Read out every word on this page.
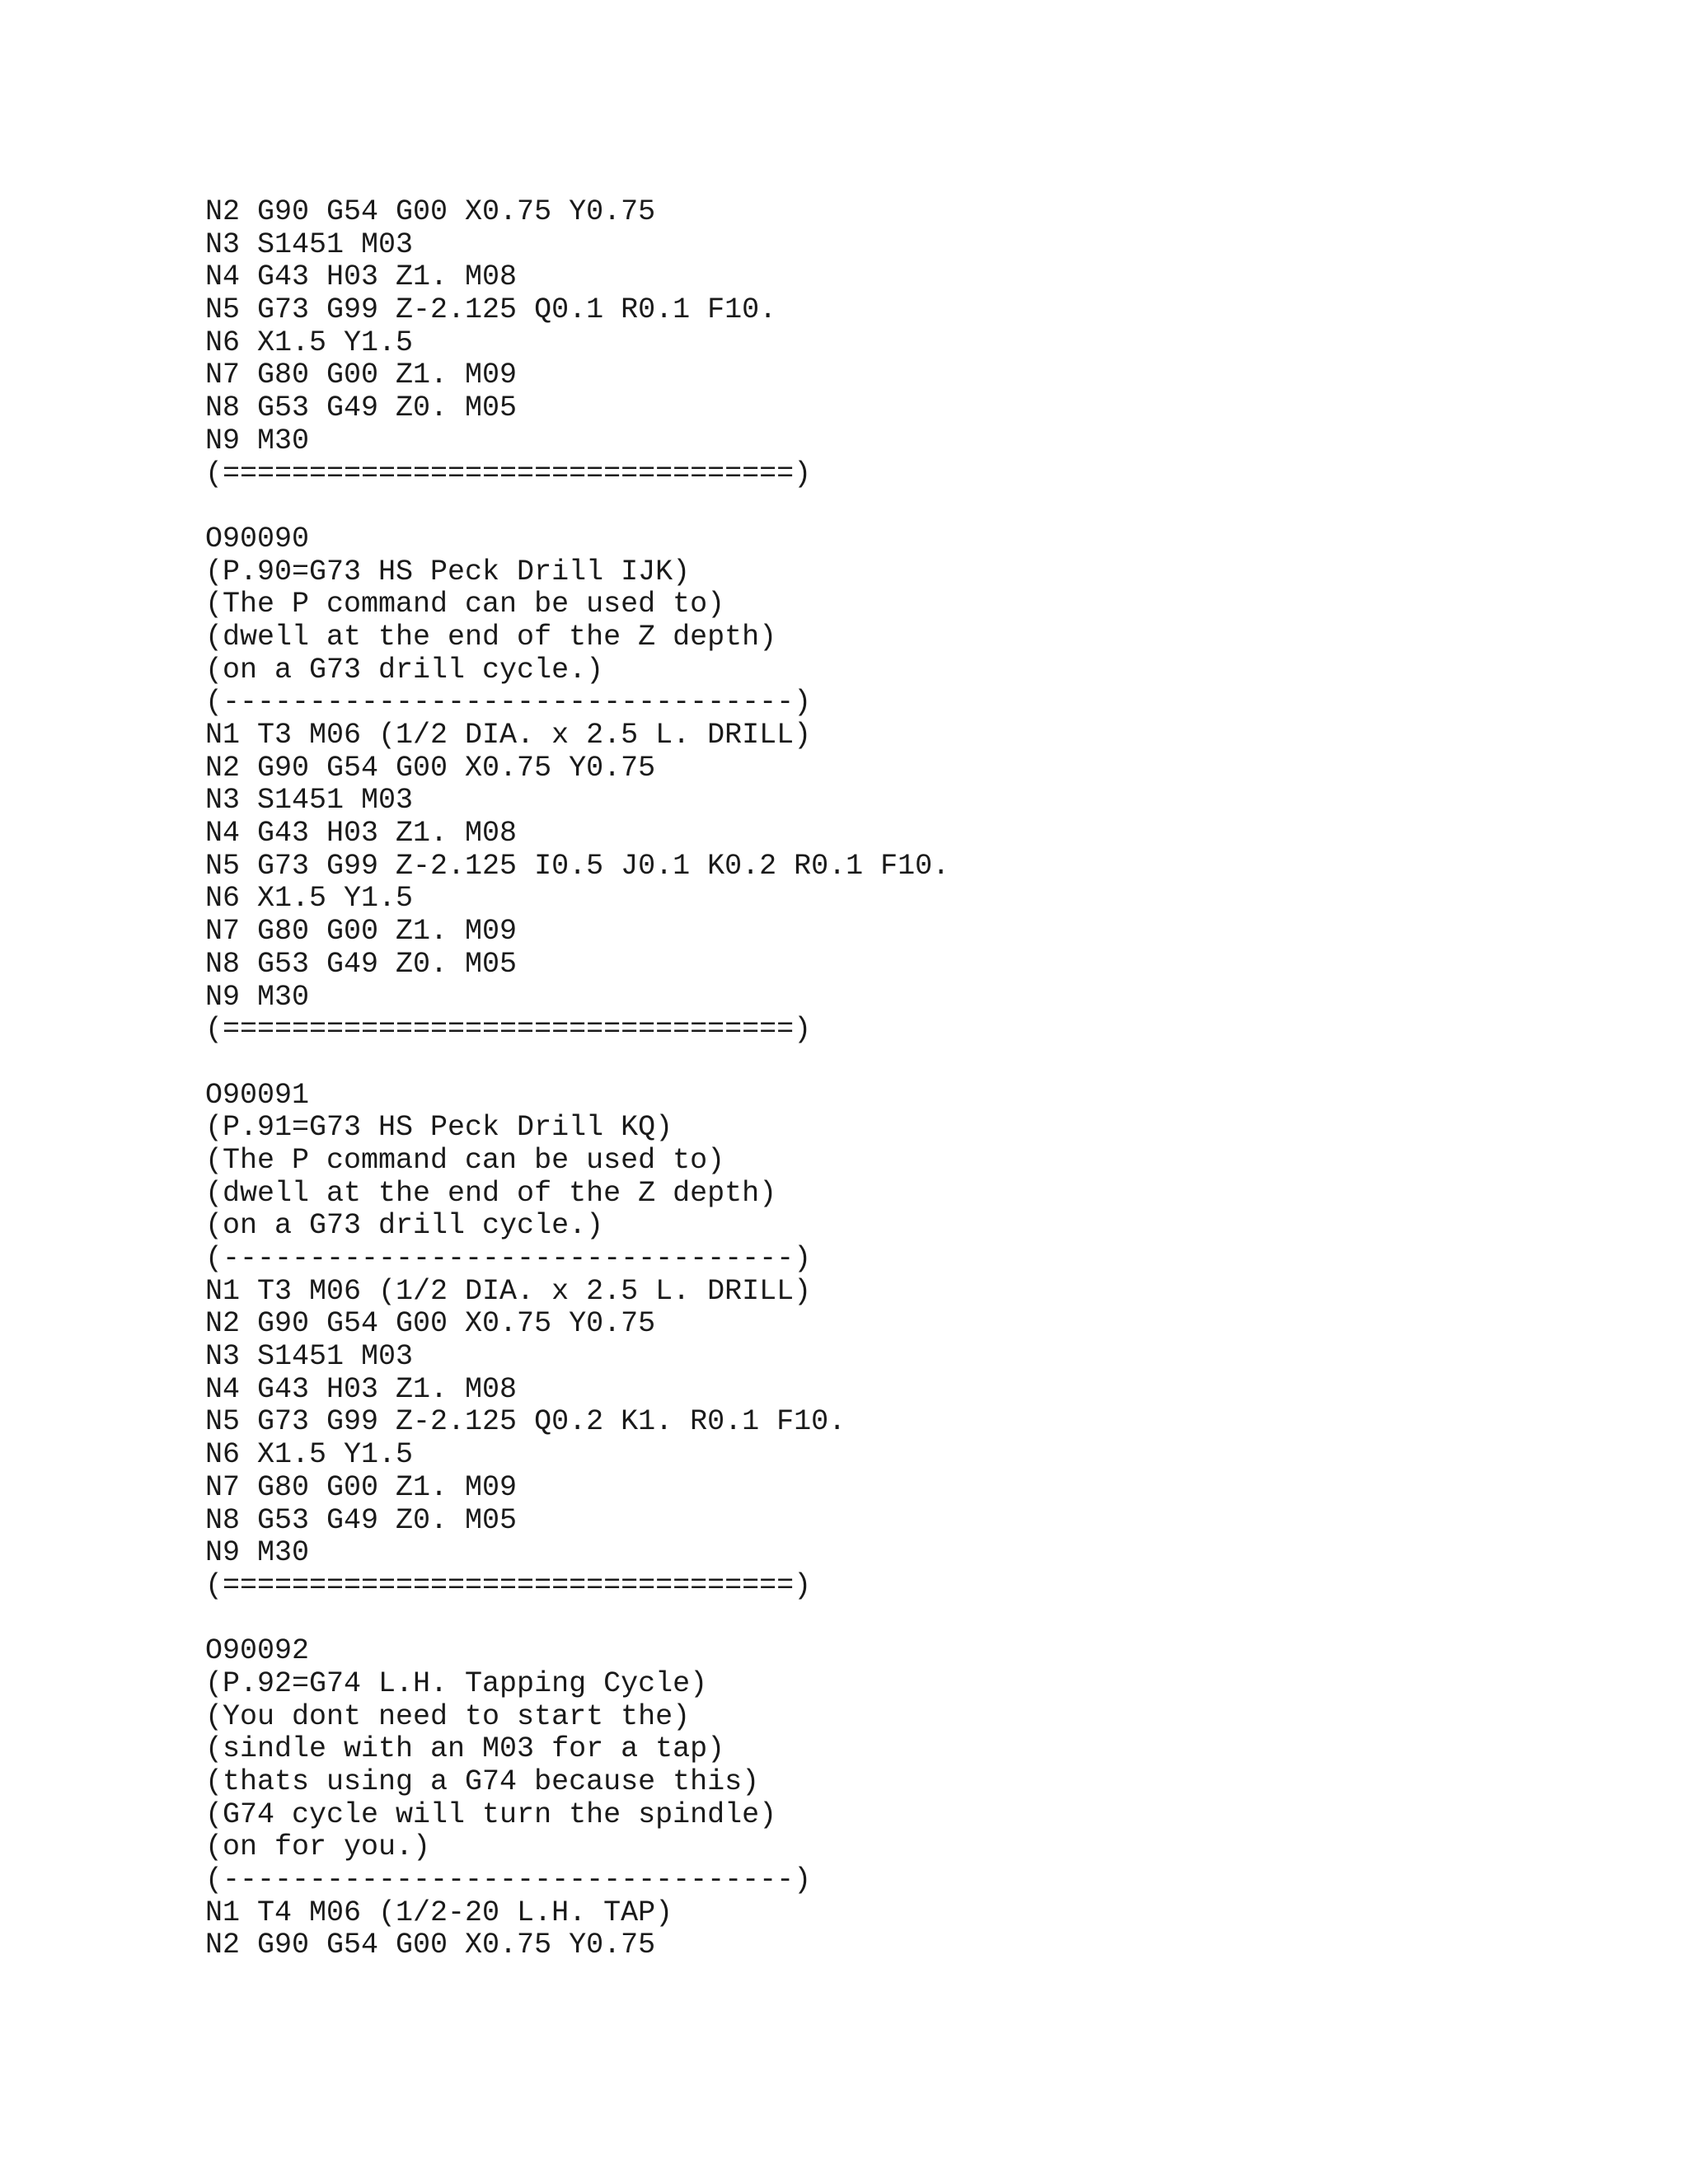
N2 G90 G54 G00 X0.75 Y0.75
N3 S1451 M03
N4 G43 H03 Z1. M08
N5 G73 G99 Z-2.125 Q0.1 R0.1 F10.
N6 X1.5 Y1.5
N7 G80 G00 Z1. M09
N8 G53 G49 Z0. M05
N9 M30
(=================================)
O90090
(P.90=G73 HS Peck Drill IJK)
(The P command can be used to)
(dwell at the end of the Z depth)
(on a G73 drill cycle.)
(---------------------------------)
N1 T3 M06 (1/2 DIA. x 2.5 L. DRILL)
N2 G90 G54 G00 X0.75 Y0.75
N3 S1451 M03
N4 G43 H03 Z1. M08
N5 G73 G99 Z-2.125 I0.5 J0.1 K0.2 R0.1 F10.
N6 X1.5 Y1.5
N7 G80 G00 Z1. M09
N8 G53 G49 Z0. M05
N9 M30
(=================================)
O90091
(P.91=G73 HS Peck Drill KQ)
(The P command can be used to)
(dwell at the end of the Z depth)
(on a G73 drill cycle.)
(---------------------------------)
N1 T3 M06 (1/2 DIA. x 2.5 L. DRILL)
N2 G90 G54 G00 X0.75 Y0.75
N3 S1451 M03
N4 G43 H03 Z1. M08
N5 G73 G99 Z-2.125 Q0.2 K1. R0.1 F10.
N6 X1.5 Y1.5
N7 G80 G00 Z1. M09
N8 G53 G49 Z0. M05
N9 M30
(=================================)
O90092
(P.92=G74 L.H. Tapping Cycle)
(You dont need to start the)
(sindle with an M03 for a tap)
(thats using a G74 because this)
(G74 cycle will turn the spindle)
(on for you.)
(---------------------------------)
N1 T4 M06 (1/2-20 L.H. TAP)
N2 G90 G54 G00 X0.75 Y0.75
